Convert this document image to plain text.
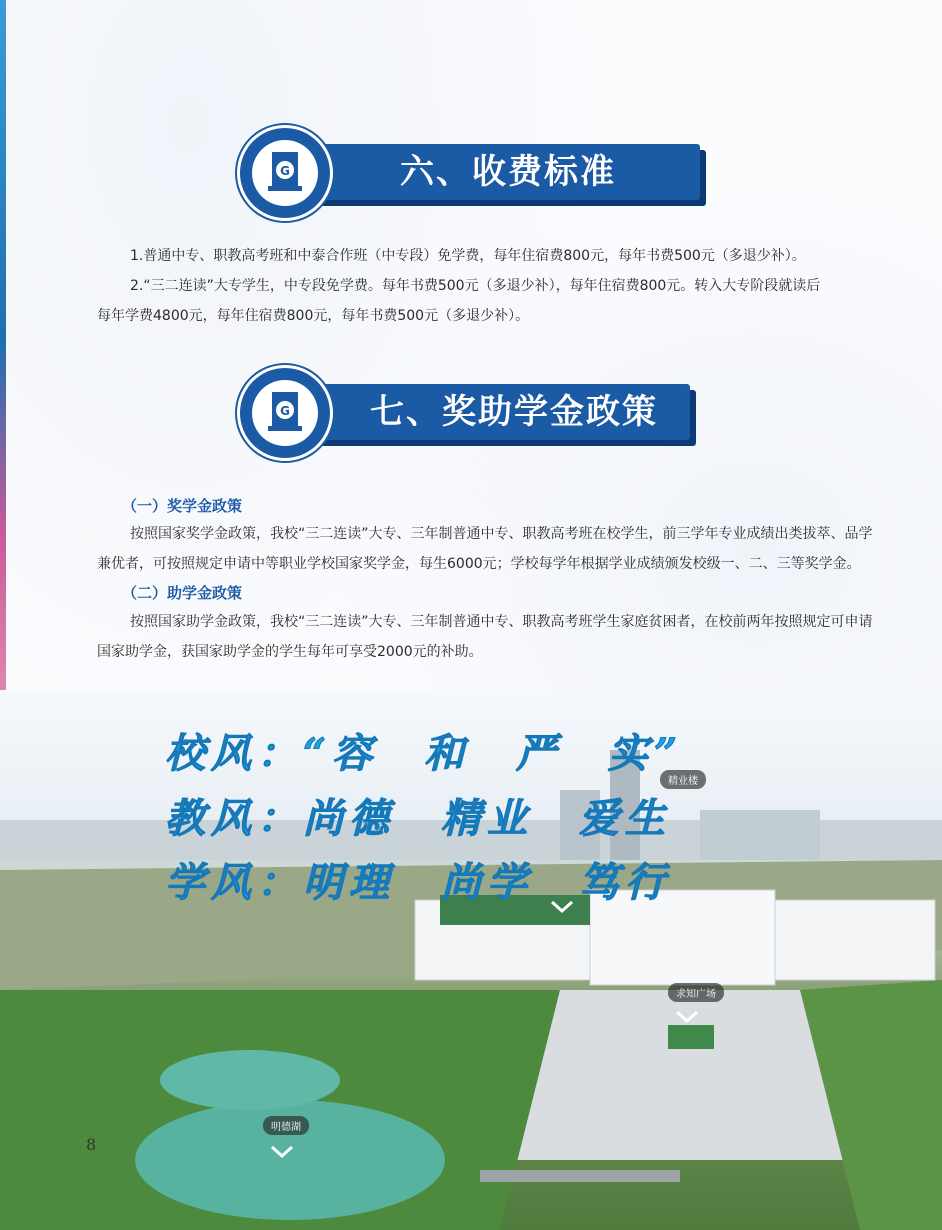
六、收费标准
G
1.普通中专、职教高考班和中泰合作班（中专段）免学费，每年住宿费800元，每年书费500元（多退少补）。
2.“三二连读”大专学生，中专段免学费。每年书费500元（多退少补），每年住宿费800元。转入大专阶段就读后
每年学费4800元，每年住宿费800元，每年书费500元（多退少补）。
七、奖助学金政策
G
（一）奖学金政策
按照国家奖学金政策，我校“三二连读”大专、三年制普通中专、职教高考班在校学生，前三学年专业成绩出类拔萃、品学
兼优者，可按照规定申请中等职业学校国家奖学金，每生6000元；学校每学年根据学业成绩颁发校级一、二、三等奖学金。
（二）助学金政策
按照国家助学金政策，我校“三二连读”大专、三年制普通中专、职教高考班学生家庭贫困者，在校前两年按照规定可申请
国家助学金，获国家助学金的学生每年可享受2000元的补助。
求知广场
明德湖
精业楼
校风：“容　和　严　实”
教风：尚德　精业　爱生
学风：明理　尚学　笃行
8
